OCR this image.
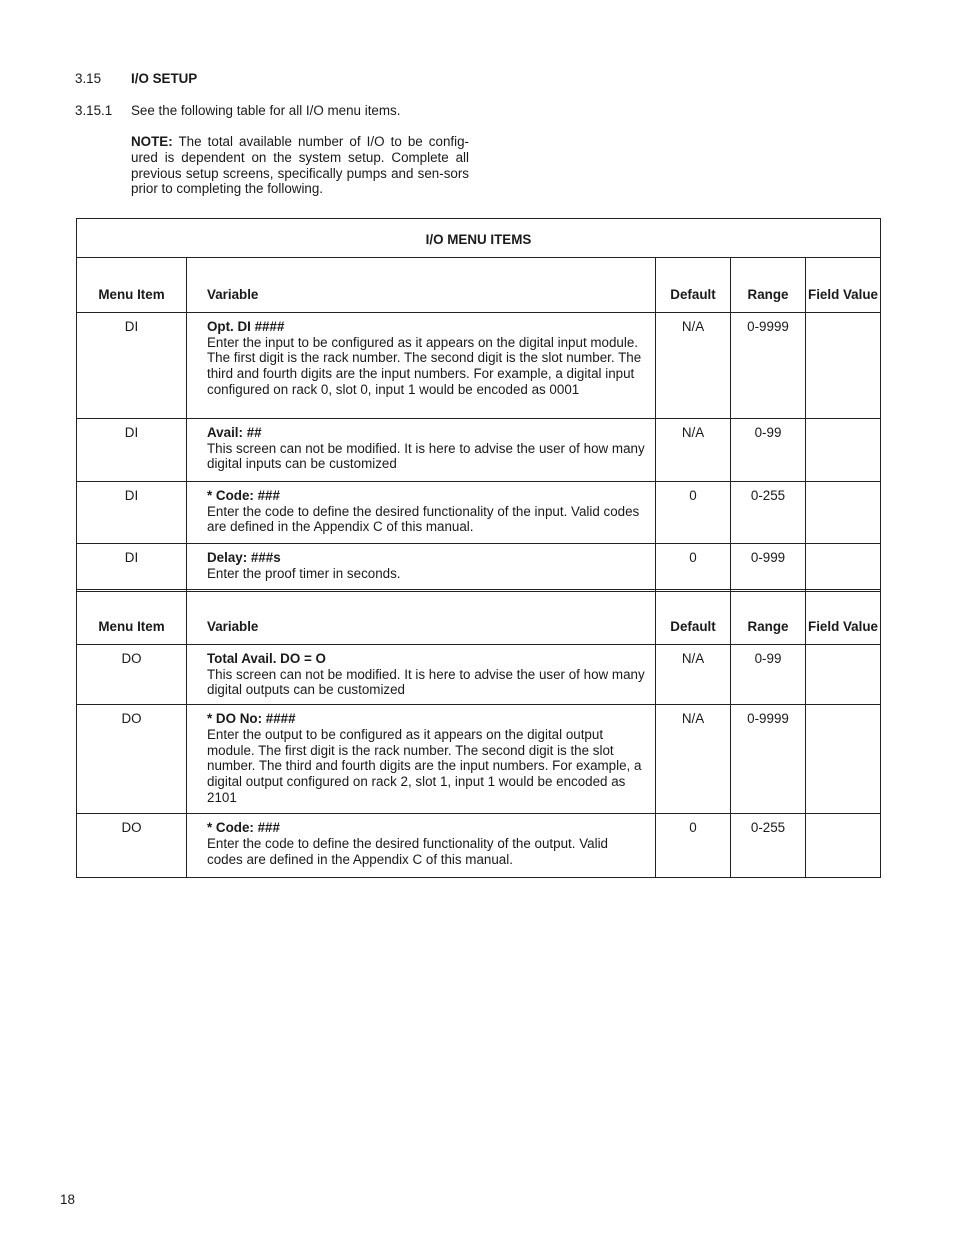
3.15 I/O SETUP
3.15.1 See the following table for all I/O menu items.
NOTE: The total available number of I/O to be config-ured is dependent on the system setup. Complete all previous setup screens, specifically pumps and sen-sors prior to completing the following.
I/O MENU ITEMS				
Menu Item	Variable	Default	Range	Field Value
DI	Opt. DI ####
Enter the input to be configured as it appears on the digital input module. The first digit is the rack number. The second digit is the slot number. The third and fourth digits are the input numbers. For example, a digital input configured on rack 0, slot 0, input 1 would be encoded as 0001	N/A	0-9999	
DI	Avail: ##
This screen can not be modified. It is here to advise the user of how many digital inputs can be customized	N/A	0-99	
DI	* Code: ###
Enter the code to define the desired functionality of the input. Valid codes are defined in the Appendix C of this manual.	0	0-255	
DI	Delay: ###s
Enter the proof timer in seconds.	0	0-999	
Menu Item	Variable	Default	Range	Field Value
DO	Total Avail. DO = O
This screen can not be modified. It is here to advise the user of how many digital outputs can be customized	N/A	0-99	
DO	* DO No: ####
Enter the output to be configured as it appears on the digital output module. The first digit is the rack number. The second digit is the slot number. The third and fourth digits are the input numbers. For example, a digital output configured on rack 2, slot 1, input 1 would be encoded as 2101	N/A	0-9999	
DO	* Code: ###
Enter the code to define the desired functionality of the output. Valid codes are defined in the Appendix C of this manual.	0	0-255	
18
